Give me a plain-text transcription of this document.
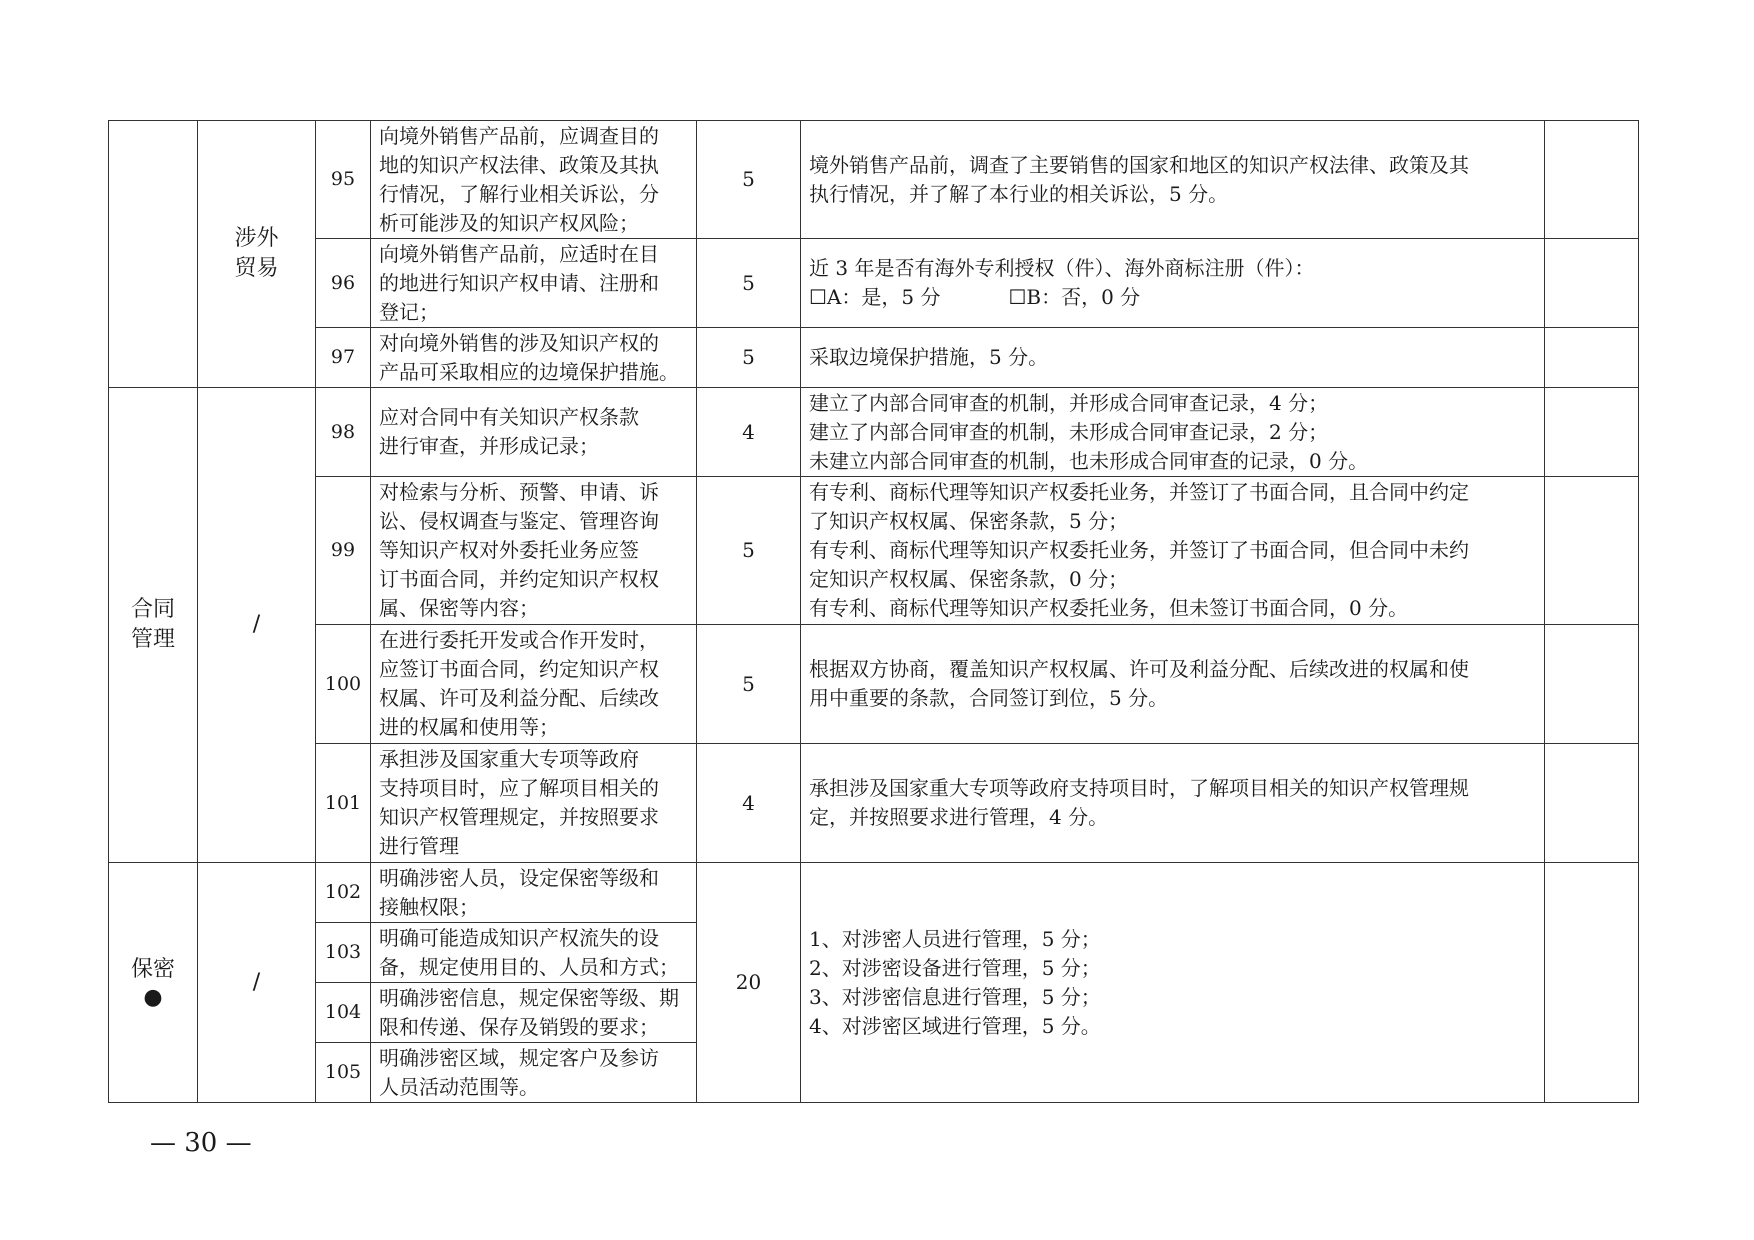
	涉外
贸易	95	向境外销售产品前，应调查目的
地的知识产权法律、政策及其执
行情况，了解行业相关诉讼，分
析可能涉及的知识产权风险；	5	境外销售产品前，调查了主要销售的国家和地区的知识产权法律、政策及其
执行情况，并了解了本行业的相关诉讼，5 分。	

		96	向境外销售产品前，应适时在目
的地进行知识产权申请、注册和
登记；	5	近 3 年是否有海外专利授权（件）、海外商标注册（件）：
☐A：是，5 分 ☐B：否，0 分	

		97	对向境外销售的涉及知识产权的
产品可采取相应的边境保护措施。	5	采取边境保护措施，5 分。	

合同
管理	/	98	应对合同中有关知识产权条款
进行审查，并形成记录；	4	建立了内部合同审查的机制，并形成合同审查记录，4 分；
建立了内部合同审查的机制，未形成合同审查记录，2 分；
未建立内部合同审查的机制，也未形成合同审查的记录，0 分。	

		99	对检索与分析、预警、申请、诉
讼、侵权调查与鉴定、管理咨询
等知识产权对外委托业务应签
订书面合同，并约定知识产权权
属、保密等内容；	5	有专利、商标代理等知识产权委托业务，并签订了书面合同，且合同中约定
了知识产权权属、保密条款，5 分；
有专利、商标代理等知识产权委托业务，并签订了书面合同，但合同中未约
定知识产权权属、保密条款，0 分；
有专利、商标代理等知识产权委托业务，但未签订书面合同，0 分。	

		100	在进行委托开发或合作开发时，
应签订书面合同，约定知识产权
权属、许可及利益分配、后续改
进的权属和使用等；	5	根据双方协商，覆盖知识产权权属、许可及利益分配、后续改进的权属和使
用中重要的条款，合同签订到位，5 分。	

		101	承担涉及国家重大专项等政府
支持项目时，应了解项目相关的
知识产权管理规定，并按照要求
进行管理	4	承担涉及国家重大专项等政府支持项目时，了解项目相关的知识产权管理规
定，并按照要求进行管理，4 分。	

保密
●	/	102	明确涉密人员，设定保密等级和
接触权限；	20	1、对涉密人员进行管理，5 分；
2、对涉密设备进行管理，5 分；
3、对涉密信息进行管理，5 分；
4、对涉密区域进行管理，5 分。	

		103	明确可能造成知识产权流失的设
备，规定使用目的、人员和方式；			

		104	明确涉密信息，规定保密等级、期
限和传递、保存及销毁的要求；			

		105	明确涉密区域，规定客户及参访
人员活动范围等。			
— 30 —
